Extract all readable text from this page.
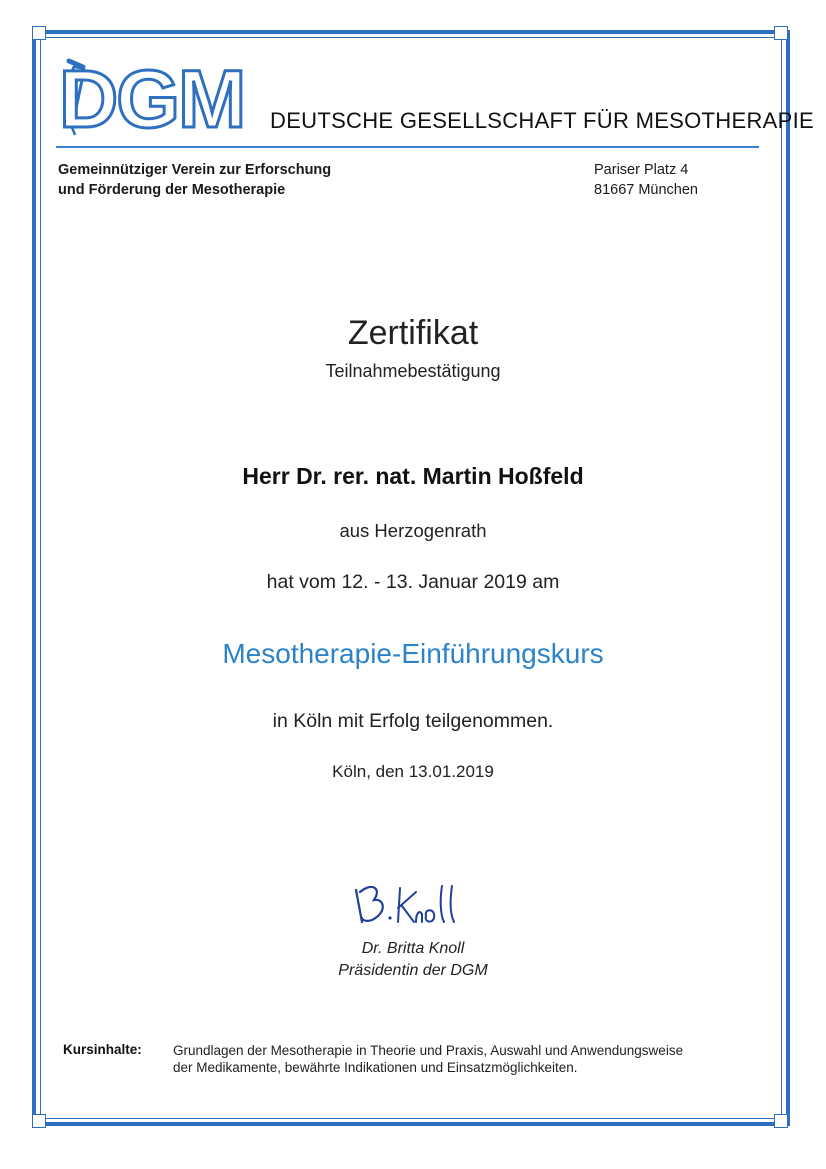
DGM DEUTSCHE GESELLSCHAFT FÜR MESOTHERAPIE
Gemeinnütziger Verein zur Erforschung
und Förderung der Mesotherapie
Pariser Platz 4
81667 München
Zertifikat
Teilnahmebestätigung
Herr Dr. rer. nat. Martin Hoßfeld
aus Herzogenrath
hat vom 12. - 13. Januar 2019 am
Mesotherapie-Einführungskurs
in Köln mit Erfolg teilgenommen.
Köln, den 13.01.2019
Dr. Britta Knoll
Präsidentin der DGM
Kursinhalte: Grundlagen der Mesotherapie in Theorie und Praxis, Auswahl und Anwendungsweise
der Medikamente, bewährte Indikationen und Einsatzmöglichkeiten.
